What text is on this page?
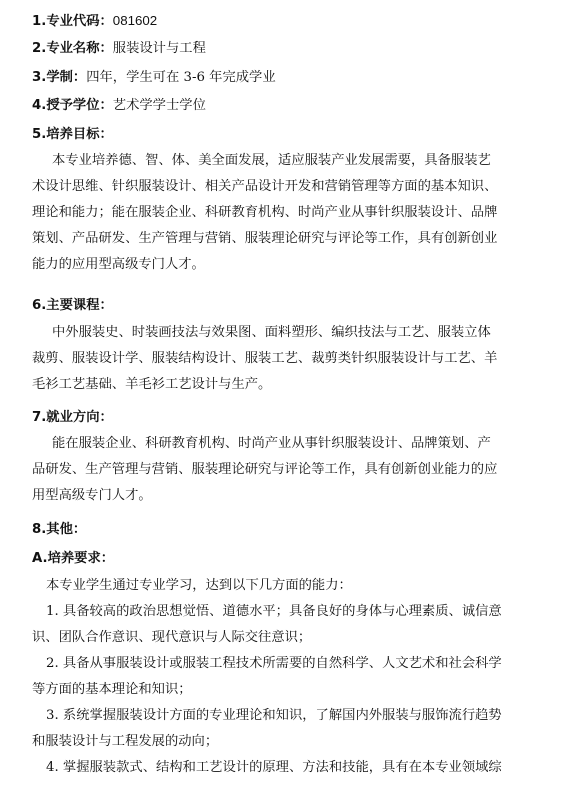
1.专业代码：081602
2.专业名称：服装设计与工程
3.学制：四年，学生可在 3-6 年完成学业
4.授予学位：艺术学学士学位
5.培养目标：
本专业培养德、智、体、美全面发展，适应服装产业发展需要，具备服装艺
术设计思维、针织服装设计、相关产品设计开发和营销管理等方面的基本知识、
理论和能力；能在服装企业、科研教育机构、时尚产业从事针织服装设计、品牌
策划、产品研发、生产管理与营销、服装理论研究与评论等工作，具有创新创业
能力的应用型高级专门人才。
6.主要课程：
中外服装史、时装画技法与效果图、面料塑形、编织技法与工艺、服装立体
裁剪、服装设计学、服装结构设计、服装工艺、裁剪类针织服装设计与工艺、羊
毛衫工艺基础、羊毛衫工艺设计与生产。
7.就业方向：
能在服装企业、科研教育机构、时尚产业从事针织服装设计、品牌策划、产
品研发、生产管理与营销、服装理论研究与评论等工作，具有创新创业能力的应
用型高级专门人才。
8.其他：
A.培养要求：
本专业学生通过专业学习，达到以下几方面的能力：
1. 具备较高的政治思想觉悟、道德水平；具备良好的身体与心理素质、诚信意
识、团队合作意识、现代意识与人际交往意识；
2. 具备从事服装设计或服装工程技术所需要的自然科学、人文艺术和社会科学
等方面的基本理论和知识；
3. 系统掌握服装设计方面的专业理论和知识，了解国内外服装与服饰流行趋势
和服装设计与工程发展的动向；
4. 掌握服装款式、结构和工艺设计的原理、方法和技能，具有在本专业领域综
